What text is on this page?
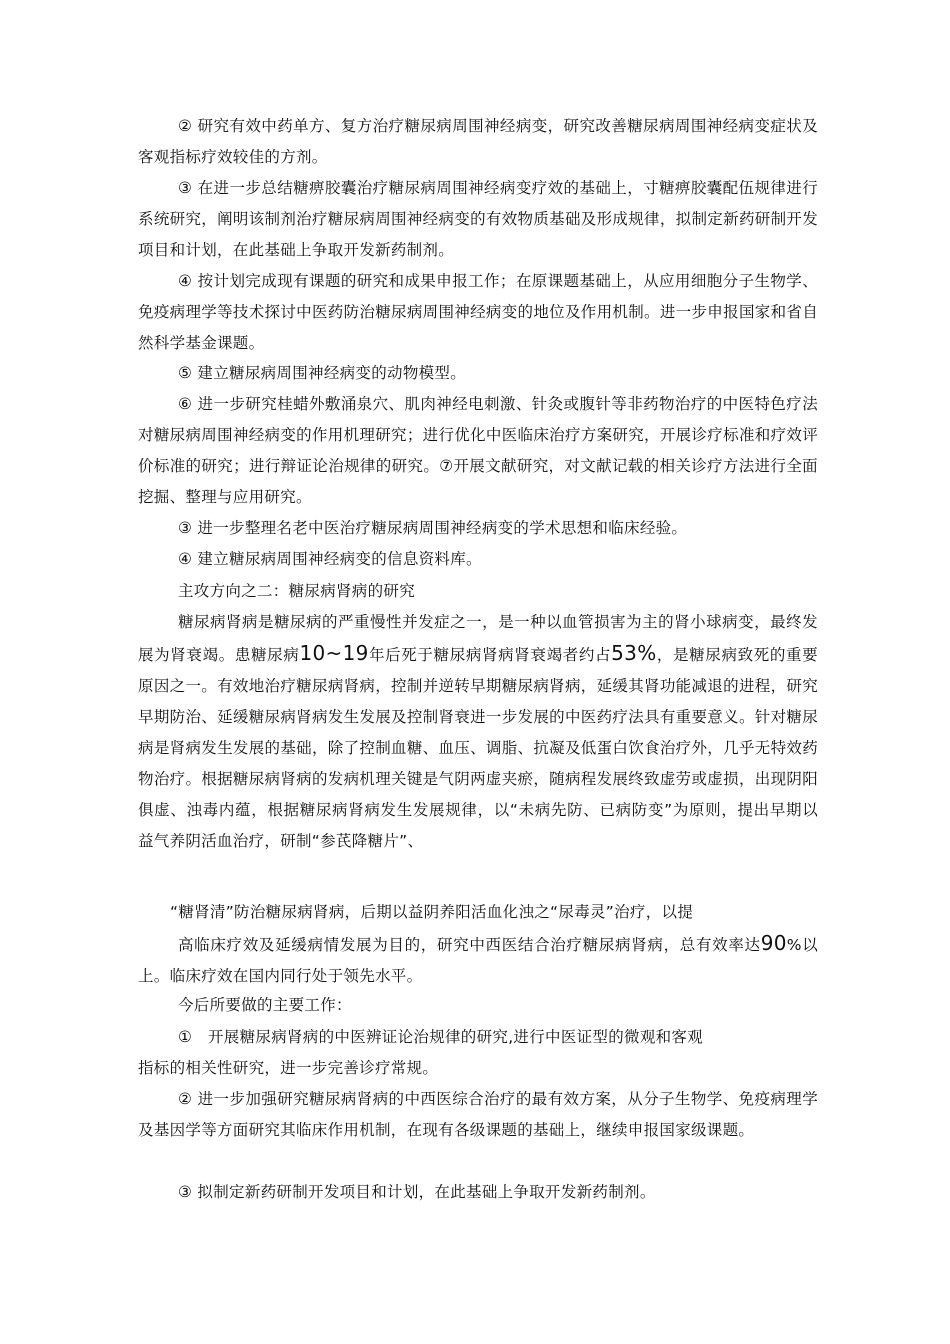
② 研究有效中药单方、复方治疗糖尿病周围神经病变，研究改善糖尿病周围神经病变症状及客观指标疗效较佳的方剂。

③ 在进一步总结糖痹胶囊治疗糖尿病周围神经病变疗效的基础上，寸糖痹胶囊配伍规律进行系统研究，阐明该制剂治疗糖尿病周围神经病变的有效物质基础及形成规律，拟制定新药研制开发项目和计划，在此基础上争取开发新药制剂。

④ 按计划完成现有课题的研究和成果申报工作；在原课题基础上，从应用细胞分子生物学、免疫病理学等技术探讨中医药防治糖尿病周围神经病变的地位及作用机制。进一步申报国家和省自然科学基金课题。

⑤ 建立糖尿病周围神经病变的动物模型。

⑥ 进一步研究桂蜡外敷涌泉穴、肌肉神经电刺激、针灸或腹针等非药物治疗的中医特色疗法对糖尿病周围神经病变的作用机理研究；进行优化中医临床治疗方案研究，开展诊疗标准和疗效评价标准的研究；进行辩证论治规律的研究。⑦开展文献研究，对文献记载的相关诊疗方法进行全面挖掘、整理与应用研究。

③ 进一步整理名老中医治疗糖尿病周围神经病变的学术思想和临床经验。

④ 建立糖尿病周围神经病变的信息资料库。

主攻方向之二：糖尿病肾病的研究

糖尿病肾病是糖尿病的严重慢性并发症之一，是一种以血管损害为主的肾小球病变，最终发展为肾衰竭。患糖尿病10~19年后死于糖尿病肾病肾衰竭者约占53%，是糖尿病致死的重要原因之一。有效地治疗糖尿病肾病，控制并逆转早期糖尿病肾病，延缓其肾功能减退的进程，研究早期防治、延缓糖尿病肾病发生发展及控制肾衰进一步发展的中医药疗法具有重要意义。针对糖尿病是肾病发生发展的基础，除了控制血糖、血压、调脂、抗凝及低蛋白饮食治疗外，几乎无特效药物治疗。根据糖尿病肾病的发病机理关键是气阴两虚夹瘀，随病程发展终致虚劳或虚损，出现阴阳俱虚、浊毒内蕴，根据糖尿病肾病发生发展规律，以“未病先防、已病防变”为原则，提出早期以益气养阴活血治疗，研制“参芪降糖片”、

“糖肾清”防治糖尿病肾病，后期以益阴养阳活血化浊之“尿毒灵”治疗，以提

高临床疗效及延缓病情发展为目的，研究中西医结合治疗糖尿病肾病，总有效率达90%以上。临床疗效在国内同行处于领先水平。

今后所要做的主要工作：

①　开展糖尿病肾病的中医辨证论治规律的研究,进行中医证型的微观和客观

指标的相关性研究，进一步完善诊疗常规。

② 进一步加强研究糖尿病肾病的中西医综合治疗的最有效方案，从分子生物学、免疫病理学及基因学等方面研究其临床作用机制，在现有各级课题的基础上，继续申报国家级课题。

③ 拟制定新药研制开发项目和计划，在此基础上争取开发新药制剂。
